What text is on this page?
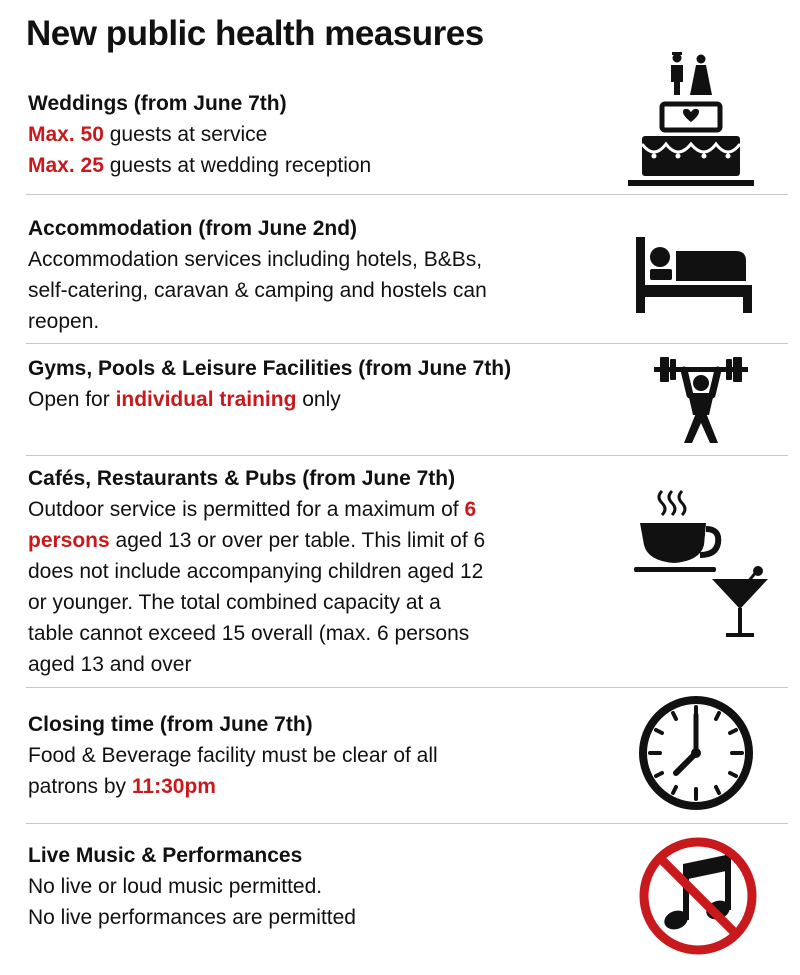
New public health measures
Weddings (from June 7th)
Max. 50 guests at service
Max. 25 guests at wedding reception
Accommodation (from June 2nd)
Accommodation services including hotels, B&Bs,
self-catering, caravan & camping and hostels can
reopen.
Gyms, Pools & Leisure Facilities (from June 7th)
Open for individual training only
Cafés, Restaurants & Pubs (from June 7th)
Outdoor service is permitted for a maximum of 6
persons aged 13 or over per table. This limit of 6
does not include accompanying children aged 12
or younger. The total combined capacity at a
table cannot exceed 15 overall (max. 6 persons
aged 13 and over
Closing time (from June 7th)
Food & Beverage facility must be clear of all
patrons by 11:30pm
Live Music & Performances
No live or loud music permitted.
No live performances are permitted
